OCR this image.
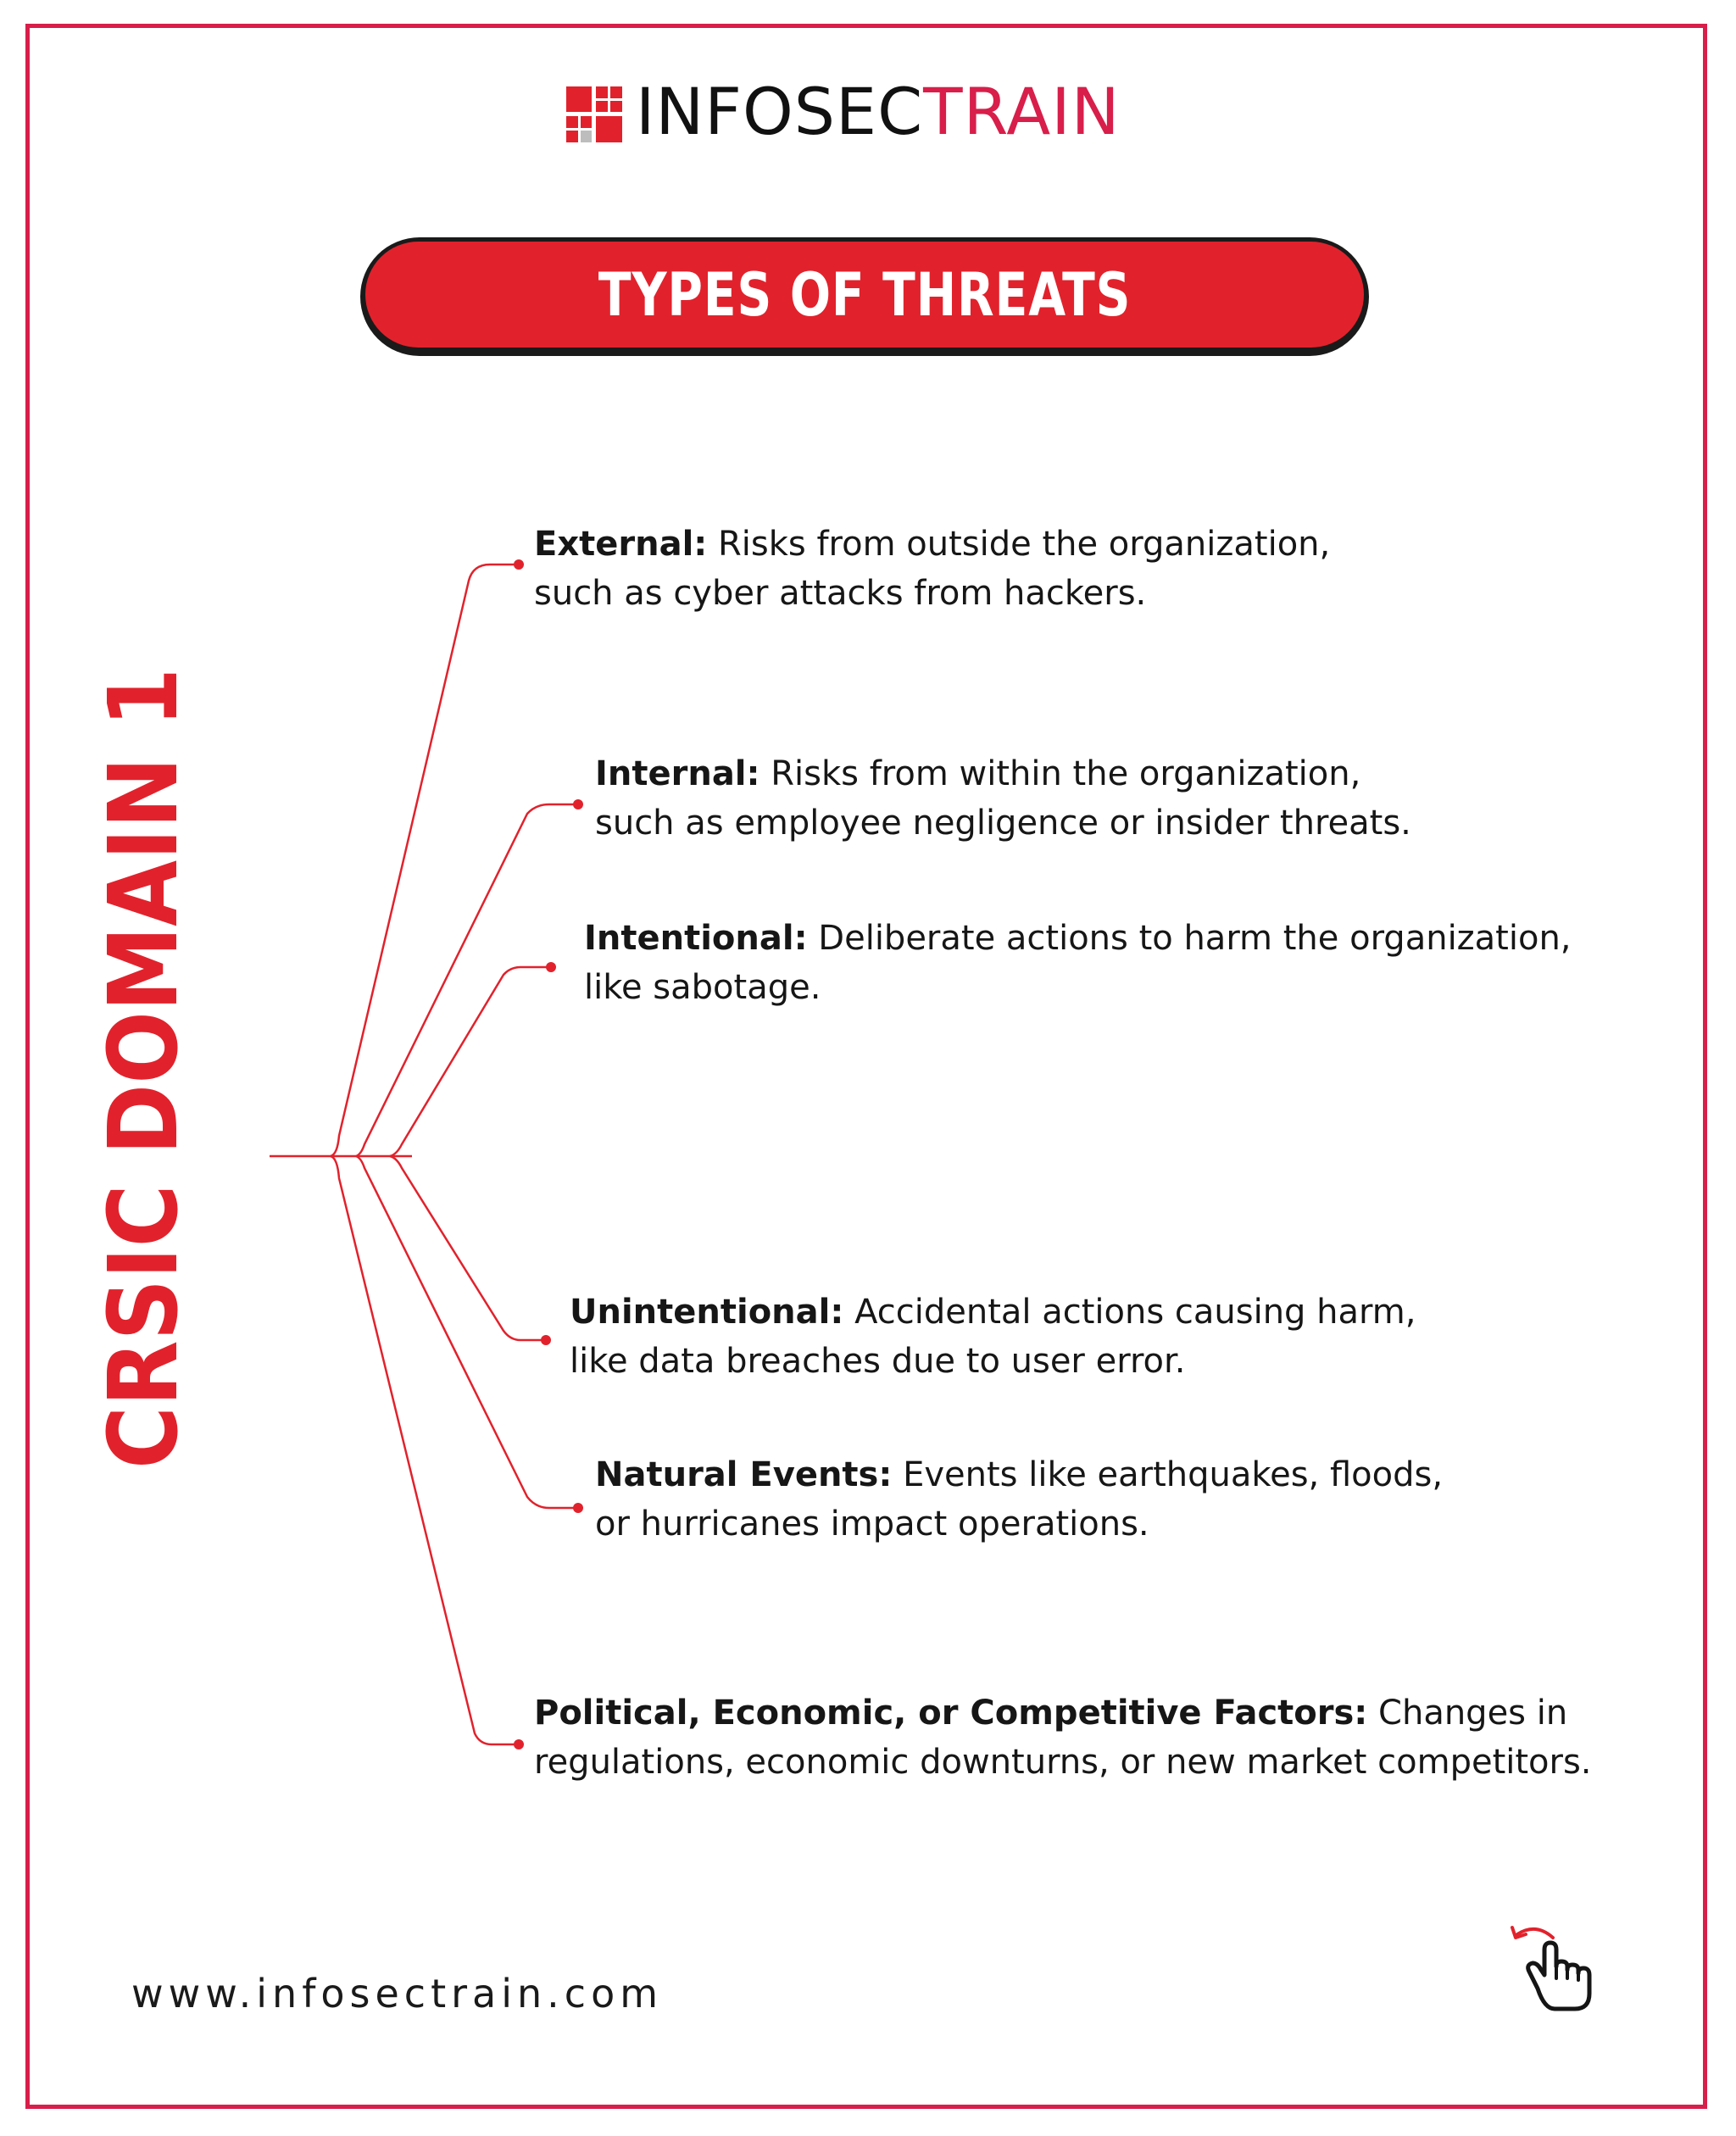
INFOSECTRAIN
TYPES OF THREATS
CRSIC DOMAIN 1
External: Risks from outside the organization,
such as cyber attacks from hackers.
Internal: Risks from within the organization,
such as employee negligence or insider threats.
Intentional: Deliberate actions to harm the organization,
like sabotage.
Unintentional: Accidental actions causing harm,
like data breaches due to user error.
Natural Events: Events like earthquakes, floods,
or hurricanes impact operations.
Political, Economic, or Competitive Factors: Changes in
regulations, economic downturns, or new market competitors.
www.infosectrain.com
